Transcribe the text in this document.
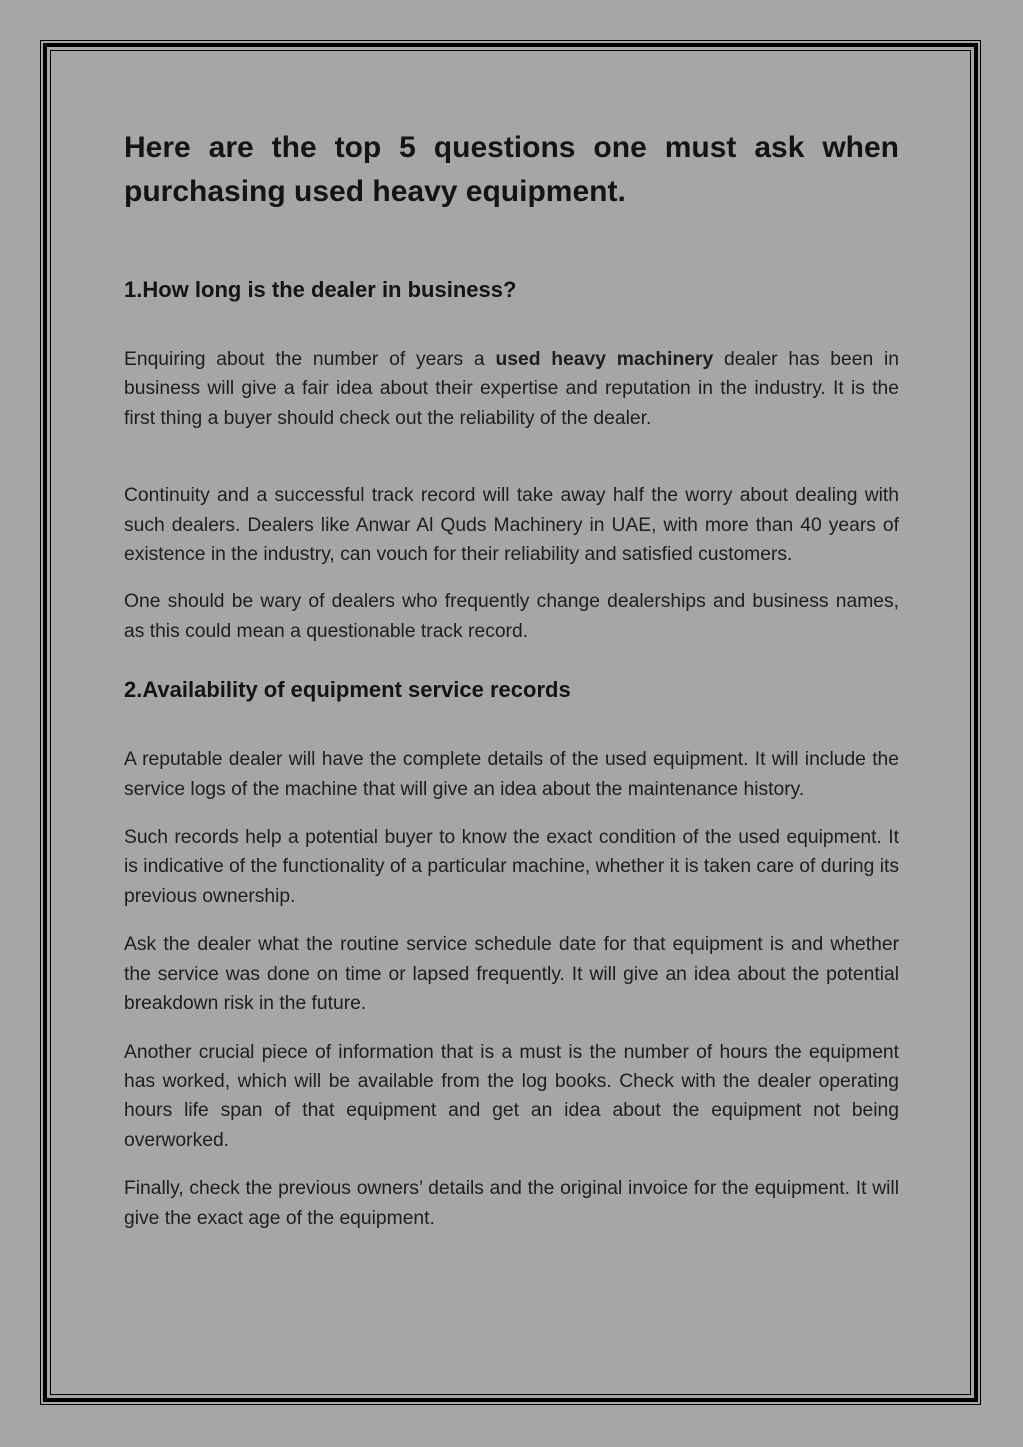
Here are the top 5 questions one must ask when
purchasing used heavy equipment.
1.How long is the dealer in business?

Enquiring about the number of years a used heavy machinery dealer has been in business will give a fair idea about their expertise and reputation in the industry. It is the first thing a buyer should check out the reliability of the dealer.

Continuity and a successful track record will take away half the worry about dealing with such dealers. Dealers like Anwar Al Quds Machinery in UAE, with more than 40 years of existence in the industry, can vouch for their reliability and satisfied customers.

One should be wary of dealers who frequently change dealerships and business names, as this could mean a questionable track record.

2.Availability of equipment service records

A reputable dealer will have the complete details of the used equipment. It will include the service logs of the machine that will give an idea about the maintenance history.

Such records help a potential buyer to know the exact condition of the used equipment. It is indicative of the functionality of a particular machine, whether it is taken care of during its previous ownership.

Ask the dealer what the routine service schedule date for that equipment is and whether the service was done on time or lapsed frequently. It will give an idea about the potential breakdown risk in the future.

Another crucial piece of information that is a must is the number of hours the equipment has worked, which will be available from the log books. Check with the dealer operating hours life span of that equipment and get an idea about the equipment not being overworked.

Finally, check the previous owners’ details and the original invoice for the equipment. It will give the exact age of the equipment.
